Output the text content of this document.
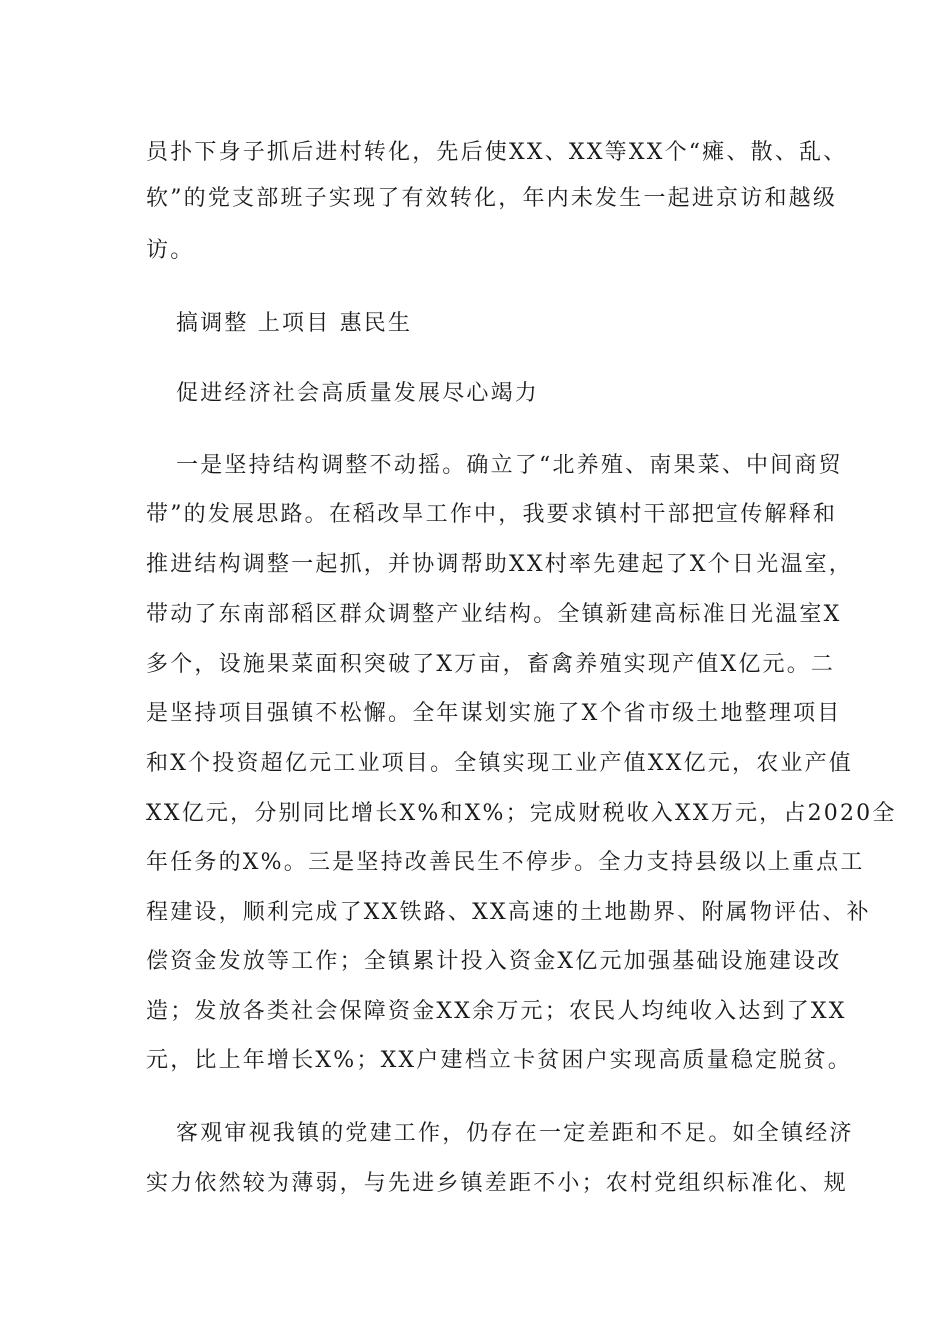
员扑下身子抓后进村转化，先后使XX、XX等XX个“瘫、散、乱、
软”的党支部班子实现了有效转化，年内未发生一起进京访和越级
访。
搞调整 上项目 惠民生
促进经济社会高质量发展尽心竭力
一是坚持结构调整不动摇。确立了“北养殖、南果菜、中间商贸
带”的发展思路。在稻改旱工作中，我要求镇村干部把宣传解释和
推进结构调整一起抓，并协调帮助XX村率先建起了X个日光温室，
带动了东南部稻区群众调整产业结构。全镇新建高标准日光温室X
多个，设施果菜面积突破了X万亩，畜禽养殖实现产值X亿元。二
是坚持项目强镇不松懈。全年谋划实施了X个省市级土地整理项目
和X个投资超亿元工业项目。全镇实现工业产值XX亿元，农业产值
XX亿元，分别同比增长X%和X%；完成财税收入XX万元，占2020全
年任务的X%。三是坚持改善民生不停步。全力支持县级以上重点工
程建设，顺利完成了XX铁路、XX高速的土地勘界、附属物评估、补
偿资金发放等工作；全镇累计投入资金X亿元加强基础设施建设改
造；发放各类社会保障资金XX余万元；农民人均纯收入达到了XX
元，比上年增长X%；XX户建档立卡贫困户实现高质量稳定脱贫。
客观审视我镇的党建工作，仍存在一定差距和不足。如全镇经济
实力依然较为薄弱，与先进乡镇差距不小；农村党组织标准化、规
